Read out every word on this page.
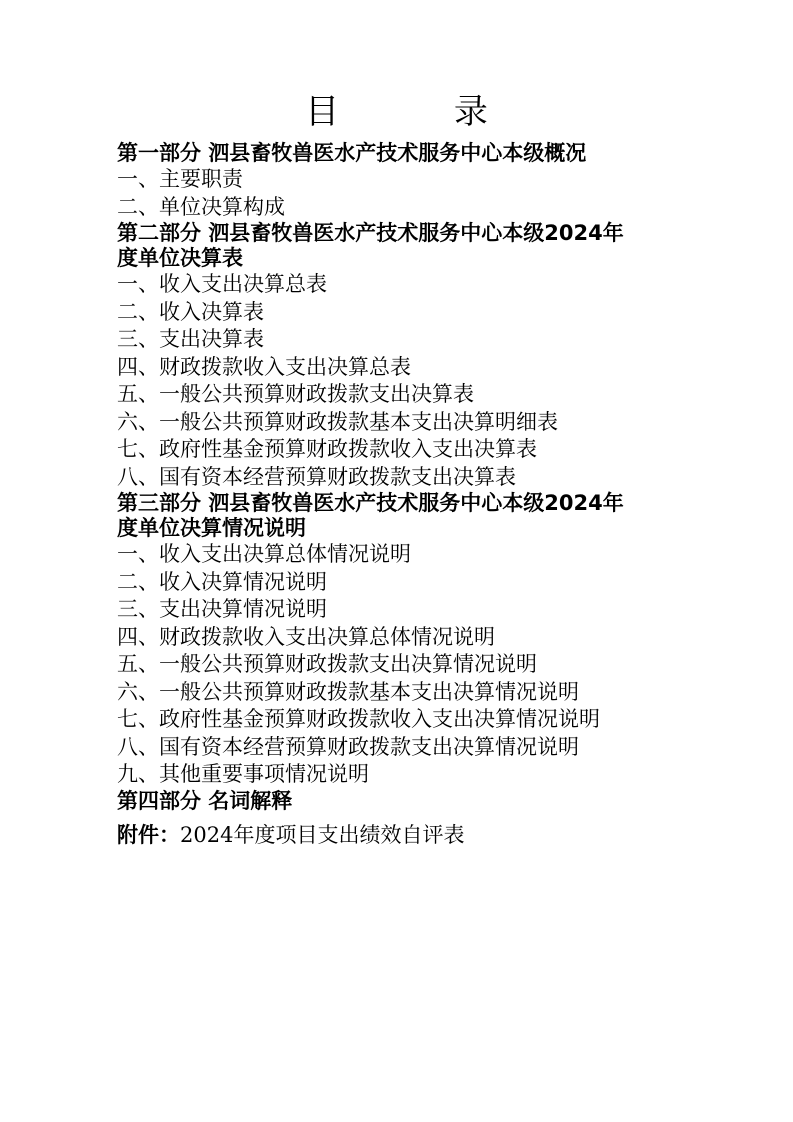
目 录
第一部分 泗县畜牧兽医水产技术服务中心本级概况
一、主要职责
二、单位决算构成
第二部分 泗县畜牧兽医水产技术服务中心本级2024年
度单位决算表
一、收入支出决算总表
二、收入决算表
三、支出决算表
四、财政拨款收入支出决算总表
五、一般公共预算财政拨款支出决算表
六、一般公共预算财政拨款基本支出决算明细表
七、政府性基金预算财政拨款收入支出决算表
八、国有资本经营预算财政拨款支出决算表
第三部分 泗县畜牧兽医水产技术服务中心本级2024年
度单位决算情况说明
一、收入支出决算总体情况说明
二、收入决算情况说明
三、支出决算情况说明
四、财政拨款收入支出决算总体情况说明
五、一般公共预算财政拨款支出决算情况说明
六、一般公共预算财政拨款基本支出决算情况说明
七、政府性基金预算财政拨款收入支出决算情况说明
八、国有资本经营预算财政拨款支出决算情况说明
九、其他重要事项情况说明
第四部分 名词解释
附件：2024年度项目支出绩效自评表
